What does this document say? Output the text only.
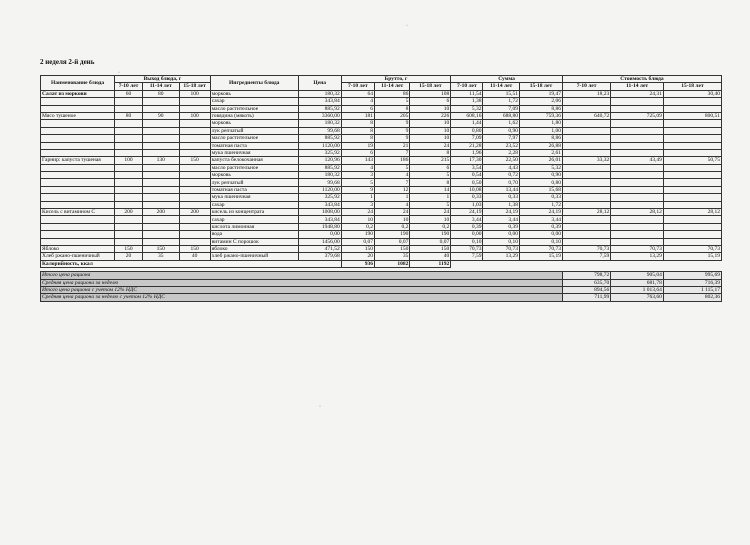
2 неделя 2-й день
Наименование блюда	Выход блюда, г			Ингредиенты блюда	Цена	Брутто, г			Сумма			Стоимость блюда		
	7-10 лет	11-14 лет	15-18 лет			7-10 лет	11-14 лет	15-18 лет	7-10 лет	11-14 лет	15-18 лет	7-10 лет	11-14 лет	15-18 лет
Салат из моркови	60	80	100	морковь	180,32	64	86	108	11,54	15,51	19,47	18,23	24,31	30,40
				сахар	343,84	4	5	6	1,38	1,72	2,06			
				масло растительное	885,92	6	8	10	5,32	7,09	8,86			
Мясо тушеное	80	90	100	говядина (мякоть)	3360,00	181	205	226	608,16	688,80	759,36	640,72	725,09	800,51
				морковь	180,32	8	9	10	1,44	1,62	1,80			
				лук репчатый	99,68	8	9	10	0,80	0,90	1,00			
				масло растительное	885,92	8	9	10	7,09	7,97	8,86			
				томатная паста	1120,00	19	21	24	21,28	23,52	26,88			
				мука пшеничная	325,92	6	7	8	1,96	2,28	2,61			
Гарнир: капуста тушеная	100	130	150	капуста белокочанная	120,96	143	186	215	17,30	22,50	26,01	33,32	43,49	50,75
				масло растительное	885,92	4	5	6	3,54	4,43	5,32			
				морковь	180,32	3	4	5	0,54	0,72	0,90			
				лук репчатый	99,68	5	7	8	0,50	0,70	0,80			
				томатная паста	1120,00	9	12	14	10,08	13,44	15,68			
				мука пшеничная	325,92	1	1	1	0,33	0,33	0,33			
				сахар	343,84	3	4	5	1,03	1,38	1,72			
Кисель с витамином С	200	200	200	кисель из концентрата	1008,00	24	24	24	24,19	24,19	24,19	28,12	28,12	28,12
				сахар	343,84	10	10	10	3,44	3,44	3,44			
				кислота лимонная	1948,80	0,2	0,2	0,2	0,39	0,39	0,39			
				вода	0,00	190	190	190	0,00	0,00	0,00			
				витамин С порошок	1456,00	0,07	0,07	0,07	0,10	0,10	0,10			
Яблоко	150	150	150	яблоко	471,52	150	150	150	70,73	70,73	70,73	70,73	70,73	70,73
Хлеб ржано-пшеничный	20	35	40	хлеб ржано-пшеничный	379,68	20	35	40	7,59	13,29	15,19	7,59	13,29	15,19
Калорийность, ккал						936	1082	1192						

Итого цена рациона												798,72	905,04	995,69
Средняя цена рациона за неделю												635,70	681,78	716,39
Итого цена рациона с учетом 12% НДС												894,56	1 013,64	1 115,17
Средняя цена рациона за неделю с учетом 12% НДС												711,99	763,60	802,36
·
·
·
